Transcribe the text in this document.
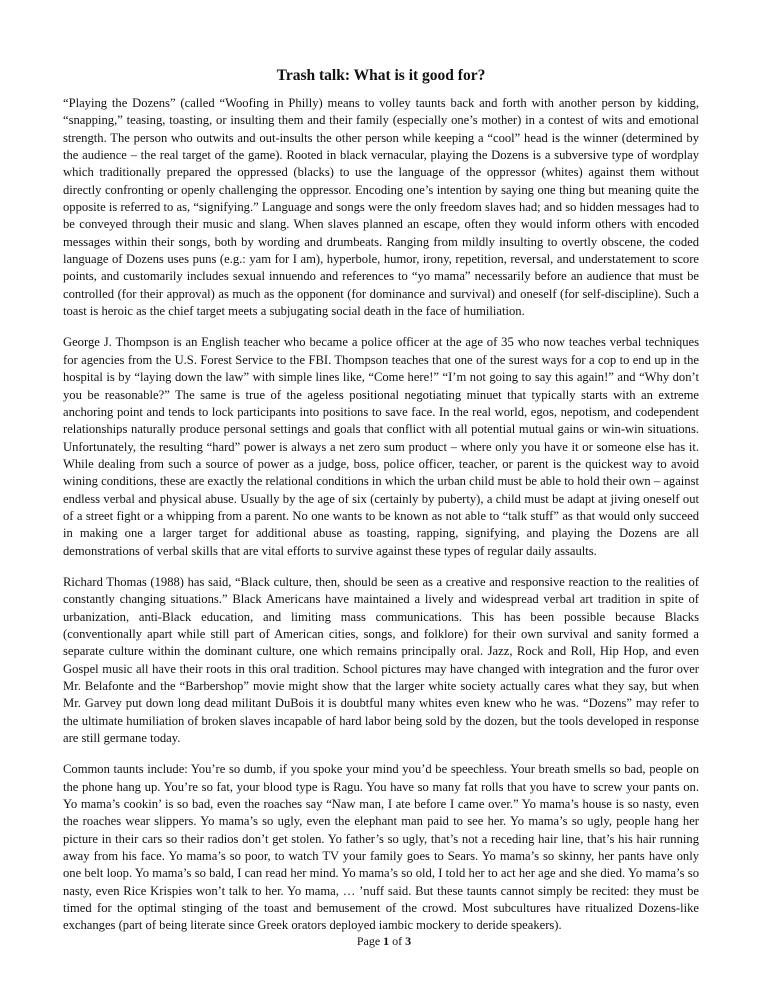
Trash talk: What is it good for?

“Playing the Dozens” (called “Woofing in Philly) means to volley taunts back and forth with another person by kidding, “snapping,” teasing, toasting, or insulting them and their family (especially one’s mother) in a contest of wits and emotional strength. The person who outwits and out-insults the other person while keeping a “cool” head is the winner (determined by the audience – the real target of the game). Rooted in black vernacular, playing the Dozens is a subversive type of wordplay which traditionally prepared the oppressed (blacks) to use the language of the oppressor (whites) against them without directly confronting or openly challenging the oppressor. Encoding one’s intention by saying one thing but meaning quite the opposite is referred to as, “signifying.” Language and songs were the only freedom slaves had; and so hidden messages had to be conveyed through their music and slang. When slaves planned an escape, often they would inform others with encoded messages within their songs, both by wording and drumbeats. Ranging from mildly insulting to overtly obscene, the coded language of Dozens uses puns (e.g.: yam for I am), hyperbole, humor, irony, repetition, reversal, and understatement to score points, and customarily includes sexual innuendo and references to “yo mama” necessarily before an audience that must be controlled (for their approval) as much as the opponent (for dominance and survival) and oneself (for self-discipline). Such a toast is heroic as the chief target meets a subjugating social death in the face of humiliation.

George J. Thompson is an English teacher who became a police officer at the age of 35 who now teaches verbal techniques for agencies from the U.S. Forest Service to the FBI. Thompson teaches that one of the surest ways for a cop to end up in the hospital is by “laying down the law” with simple lines like, “Come here!” “I’m not going to say this again!” and “Why don’t you be reasonable?” The same is true of the ageless positional negotiating minuet that typically starts with an extreme anchoring point and tends to lock participants into positions to save face. In the real world, egos, nepotism, and codependent relationships naturally produce personal settings and goals that conflict with all potential mutual gains or win-win situations. Unfortunately, the resulting “hard” power is always a net zero sum product – where only you have it or someone else has it. While dealing from such a source of power as a judge, boss, police officer, teacher, or parent is the quickest way to avoid wining conditions, these are exactly the relational conditions in which the urban child must be able to hold their own – against endless verbal and physical abuse. Usually by the age of six (certainly by puberty), a child must be adapt at jiving oneself out of a street fight or a whipping from a parent. No one wants to be known as not able to “talk stuff” as that would only succeed in making one a larger target for additional abuse as toasting, rapping, signifying, and playing the Dozens are all demonstrations of verbal skills that are vital efforts to survive against these types of regular daily assaults.

Richard Thomas (1988) has said, “Black culture, then, should be seen as a creative and responsive reaction to the realities of constantly changing situations.” Black Americans have maintained a lively and widespread verbal art tradition in spite of urbanization, anti-Black education, and limiting mass communications. This has been possible because Blacks (conventionally apart while still part of American cities, songs, and folklore) for their own survival and sanity formed a separate culture within the dominant culture, one which remains principally oral. Jazz, Rock and Roll, Hip Hop, and even Gospel music all have their roots in this oral tradition. School pictures may have changed with integration and the furor over Mr. Belafonte and the “Barbershop” movie might show that the larger white society actually cares what they say, but when Mr. Garvey put down long dead militant DuBois it is doubtful many whites even knew who he was. “Dozens” may refer to the ultimate humiliation of broken slaves incapable of hard labor being sold by the dozen, but the tools developed in response are still germane today.

Common taunts include: You’re so dumb, if you spoke your mind you’d be speechless. Your breath smells so bad, people on the phone hang up. You’re so fat, your blood type is Ragu. You have so many fat rolls that you have to screw your pants on. Yo mama’s cookin’ is so bad, even the roaches say “Naw man, I ate before I came over.” Yo mama’s house is so nasty, even the roaches wear slippers. Yo mama’s so ugly, even the elephant man paid to see her. Yo mama’s so ugly, people hang her picture in their cars so their radios don’t get stolen. Yo father’s so ugly, that’s not a receding hair line, that’s his hair running away from his face. Yo mama’s so poor, to watch TV your family goes to Sears. Yo mama’s so skinny, her pants have only one belt loop. Yo mama’s so bald, I can read her mind. Yo mama’s so old, I told her to act her age and she died. Yo mama’s so nasty, even Rice Krispies won’t talk to her. Yo mama, … ’nuff said. But these taunts cannot simply be recited: they must be timed for the optimal stinging of the toast and bemusement of the crowd. Most subcultures have ritualized Dozens-like exchanges (part of being literate since Greek orators deployed iambic mockery to deride speakers).

Page 1 of 3
